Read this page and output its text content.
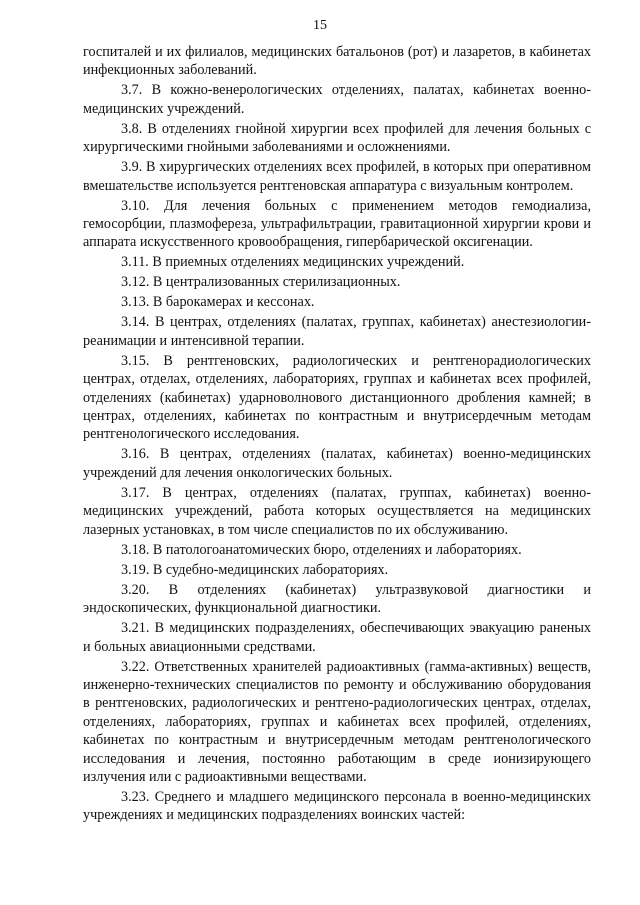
15

госпиталей и их филиалов, медицинских батальонов (рот) и лазаретов, в кабинетах инфекционных заболеваний.

3.7. В кожно-венерологических отделениях, палатах, кабинетах военно-медицинских учреждений.

3.8. В отделениях гнойной хирургии всех профилей для лечения больных с хирургическими гнойными заболеваниями и осложнениями.

3.9. В хирургических отделениях всех профилей, в которых при оперативном вмешательстве используется рентгеновская аппаратура с визуальным контролем.

3.10. Для лечения больных с применением методов гемодиализа, гемосорбции, плазмофереза, ультрафильтрации, гравитационной хирургии крови и аппарата искусственного кровообращения, гипербарической оксигенации.

3.11. В приемных отделениях медицинских учреждений.

3.12. В централизованных стерилизационных.

3.13. В барокамерах и кессонах.

3.14. В центрах, отделениях (палатах, группах, кабинетах) анестезиологии-реанимации и интенсивной терапии.

3.15. В рентгеновских, радиологических и рентгенорадиологических центрах, отделах, отделениях, лабораториях, группах и кабинетах всех профилей, отделениях (кабинетах) ударноволнового дистанционного дробления камней; в центрах, отделениях, кабинетах по контрастным и внутрисердечным методам рентгенологического исследования.

3.16. В центрах, отделениях (палатах, кабинетах) военно-медицинских учреждений для лечения онкологических больных.

3.17. В центрах, отделениях (палатах, группах, кабинетах) военно-медицинских учреждений, работа которых осуществляется на медицинских лазерных установках, в том числе специалистов по их обслуживанию.

3.18. В патологоанатомических бюро, отделениях и лабораториях.

3.19. В судебно-медицинских лабораториях.

3.20. В отделениях (кабинетах) ультразвуковой диагностики и эндоскопических, функциональной диагностики.

3.21. В медицинских подразделениях, обеспечивающих эвакуацию раненых и больных авиационными средствами.

3.22. Ответственных хранителей радиоактивных (гамма-активных) веществ, инженерно-технических специалистов по ремонту и обслуживанию оборудования в рентгеновских, радиологических и рентгено-радиологических центрах, отделах, отделениях, лабораториях, группах и кабинетах всех профилей, отделениях, кабинетах по контрастным и внутрисердечным методам рентгенологического исследования и лечения, постоянно работающим в среде ионизирующего излучения или с радиоактивными веществами.

3.23. Среднего и младшего медицинского персонала в военно-медицинских учреждениях и медицинских подразделениях воинских частей:
